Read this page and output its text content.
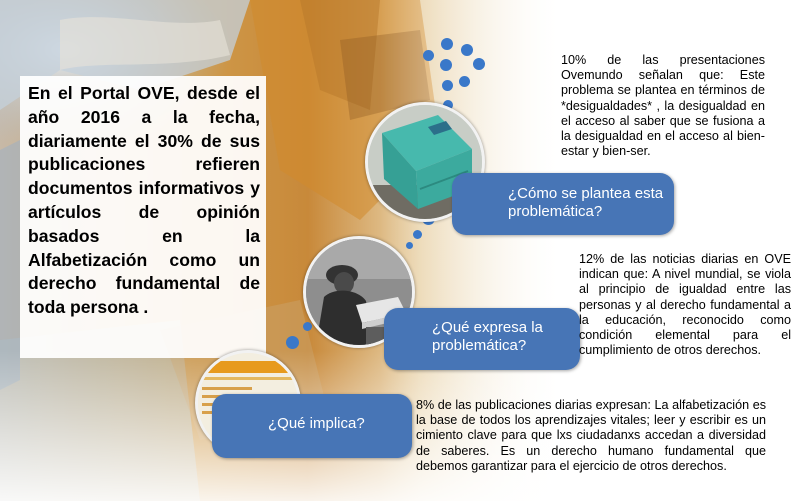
En el Portal OVE, desde el año 2016 a la fecha, diariamente el 30% de sus publicaciones refieren documentos informativos y artículos de opinión basados en la Alfabetización como un derecho fundamental de toda persona .

¿Cómo se plantea esta problemática?
¿Qué expresa la problemática?
¿Qué implica?

10% de las presentaciones Ovemundo señalan que: Este problema se plantea en términos de *desigualdades* , la desigualdad en el acceso al saber que se fusiona a la desigualdad en el acceso al bien-estar y bien-ser.

12% de las noticias diarias en OVE indican que: A nivel mundial, se viola al principio de igualdad entre las personas y al derecho fundamental a la educación, reconocido como condición elemental para el cumplimiento de otros derechos.

8% de las publicaciones diarias expresan: La alfabetización es la base de todos los aprendizajes vitales; leer y escribir es un cimiento clave para que lxs ciudadanxs accedan a diversidad de saberes. Es un derecho humano fundamental que debemos garantizar para el ejercicio de otros derechos.
